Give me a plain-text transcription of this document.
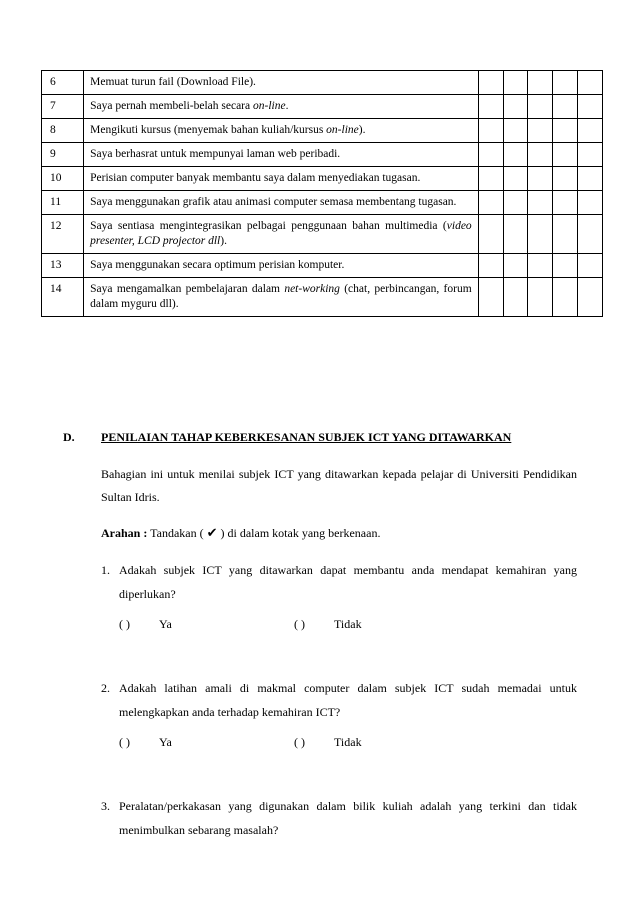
6	Memuat turun fail (Download File).					
7	Saya pernah membeli-belah secara on-line.					
8	Mengikuti kursus (menyemak bahan kuliah/kursus on-line).					
9	Saya berhasrat untuk mempunyai laman web peribadi.					
10	Perisian computer banyak membantu saya dalam menyediakan tugasan.					
11	Saya menggunakan grafik atau animasi computer semasa membentang tugasan.					
12	Saya sentiasa mengintegrasikan pelbagai penggunaan bahan multimedia (video presenter, LCD projector dll).					
13	Saya menggunakan secara optimum perisian komputer.					
14	Saya mengamalkan pembelajaran dalam net-working (chat, perbincangan, forum dalam myguru dll).					
D.	PENILAIAN TAHAP KEBERKESANAN SUBJEK ICT YANG DITAWARKAN
Bahagian ini untuk menilai subjek ICT yang ditawarkan kepada pelajar di Universiti Pendidikan Sultan Idris.
Arahan : Tandakan ( ✔ ) di dalam kotak yang berkenaan.
1. Adakah subjek ICT yang ditawarkan dapat membantu anda mendapat kemahiran yang diperlukan?
( )	Ya	( )	Tidak
2. Adakah latihan amali di makmal computer dalam subjek ICT sudah memadai untuk melengkapkan anda terhadap kemahiran ICT?
( )	Ya	( )	Tidak
3. Peralatan/perkakasan yang digunakan dalam bilik kuliah adalah yang terkini dan tidak menimbulkan sebarang masalah?
